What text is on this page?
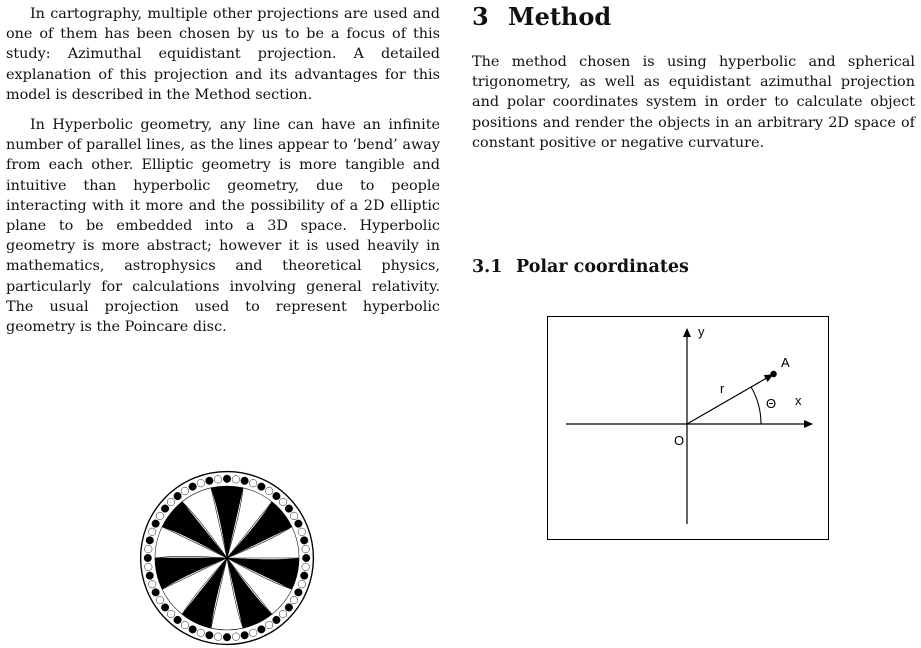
In cartography, multiple other projections are used and one of them has been chosen by us to be a focus of this study: Azimuthal equidistant projection. A detailed explanation of this projection and its advantages for this model is described in the Method section.

In Hyperbolic geometry, any line can have an infinite number of parallel lines, as the lines appear to ‘bend’ away from each other. Elliptic geometry is more tangible and intuitive than hyperbolic geometry, due to people interacting with it more and the possibility of a 2D elliptic plane to be embedded into a 3D space. Hyperbolic geometry is more abstract; however it is used heavily in mathematics, astrophysics and theoretical physics, particularly for calculations involving general relativity. The usual projection used to represent hyperbolic geometry is the Poincare disc.

3 Method

The method chosen is using hyperbolic and spherical trigonometry, as well as equidistant azimuthal projection and polar coordinates system in order to calculate object positions and render the objects in an arbitrary 2D space of constant positive or negative curvature.

3.1 Polar coordinates
y
x
O
A
r
Θ
